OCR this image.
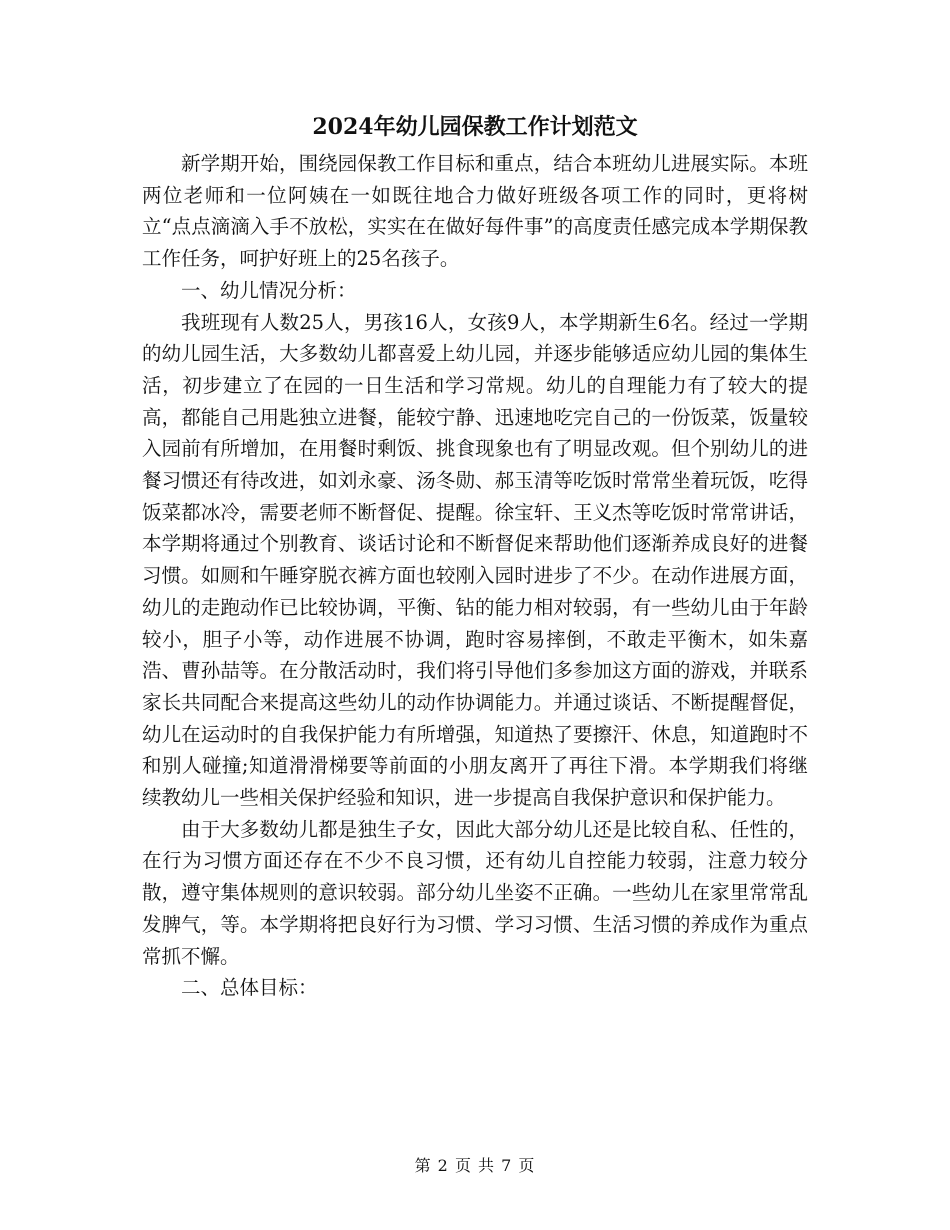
2024年幼儿园保教工作计划范文

新学期开始，围绕园保教工作目标和重点，结合本班幼儿进展实际。本班两位老师和一位阿姨在一如既往地合力做好班级各项工作的同时，更将树立“点点滴滴入手不放松，实实在在做好每件事”的高度责任感完成本学期保教工作任务，呵护好班上的25名孩子。

一、幼儿情况分析：

我班现有人数25人，男孩16人，女孩9人，本学期新生6名。经过一学期的幼儿园生活，大多数幼儿都喜爱上幼儿园，并逐步能够适应幼儿园的集体生活，初步建立了在园的一日生活和学习常规。幼儿的自理能力有了较大的提高，都能自己用匙独立进餐，能较宁静、迅速地吃完自己的一份饭菜，饭量较入园前有所增加，在用餐时剩饭、挑食现象也有了明显改观。但个别幼儿的进餐习惯还有待改进，如刘永豪、汤冬勋、郝玉清等吃饭时常常坐着玩饭，吃得饭菜都冰冷，需要老师不断督促、提醒。徐宝轩、王义杰等吃饭时常常讲话，本学期将通过个别教育、谈话讨论和不断督促来帮助他们逐渐养成良好的进餐习惯。如厕和午睡穿脱衣裤方面也较刚入园时进步了不少。在动作进展方面，幼儿的走跑动作已比较协调，平衡、钻的能力相对较弱，有一些幼儿由于年龄较小，胆子小等，动作进展不协调，跑时容易摔倒，不敢走平衡木，如朱嘉浩、曹孙喆等。在分散活动时，我们将引导他们多参加这方面的游戏，并联系家长共同配合来提高这些幼儿的动作协调能力。并通过谈话、不断提醒督促，幼儿在运动时的自我保护能力有所增强，知道热了要擦汗、休息，知道跑时不和别人碰撞;知道滑滑梯要等前面的小朋友离开了再往下滑。本学期我们将继续教幼儿一些相关保护经验和知识，进一步提高自我保护意识和保护能力。

由于大多数幼儿都是独生子女，因此大部分幼儿还是比较自私、任性的，在行为习惯方面还存在不少不良习惯，还有幼儿自控能力较弱，注意力较分散，遵守集体规则的意识较弱。部分幼儿坐姿不正确。一些幼儿在家里常常乱发脾气，等。本学期将把良好行为习惯、学习习惯、生活习惯的养成作为重点常抓不懈。

二、总体目标：

第 2 页 共 7 页
